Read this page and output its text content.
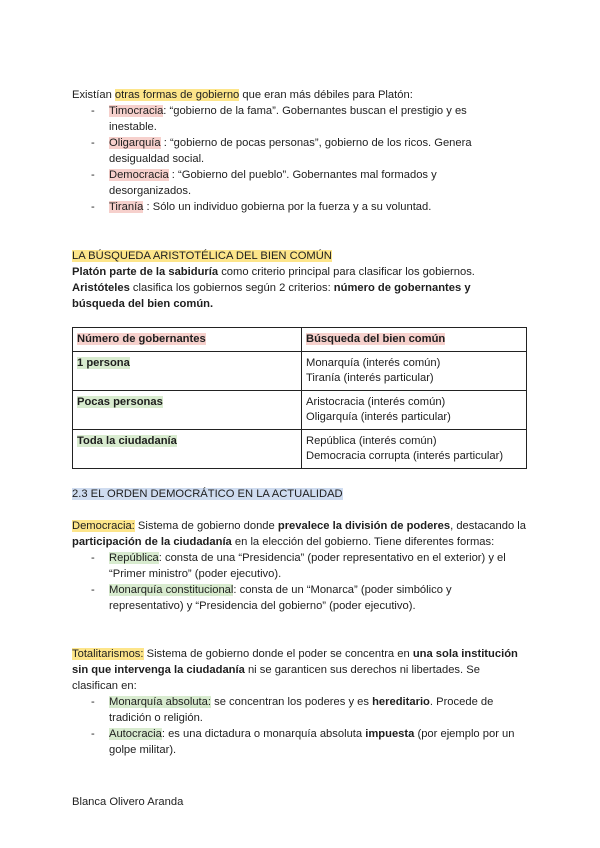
Existían otras formas de gobierno que eran más débiles para Platón:

- Timocracia: “gobierno de la fama”. Gobernantes buscan el prestigio y es inestable.
- Oligarquía : “gobierno de pocas personas”, gobierno de los ricos. Genera desigualdad social.
- Democracia : “Gobierno del pueblo”. Gobernantes mal formados y desorganizados.
- Tiranía : Sólo un individuo gobierna por la fuerza y a su voluntad.

LA BÚSQUEDA ARISTOTÉLICA DEL BIEN COMÚN

Platón parte de la sabiduría como criterio principal para clasificar los gobiernos.

Aristóteles clasifica los gobiernos según 2 criterios: número de gobernantes y búsqueda del bien común.

Número de gobernantes	Búsqueda del bien común
1 persona	Monarquía (interés común)
Tiranía (interés particular)

Pocas personas	Aristocracia (interés común)
Oligarquía (interés particular)

Toda la ciudadanía	República (interés común)
Democracia corrupta (interés particular)

2.3 EL ORDEN DEMOCRÁTICO EN LA ACTUALIDAD

Democracia: Sistema de gobierno donde prevalece la división de poderes, destacando la participación de la ciudadanía en la elección del gobierno. Tiene diferentes formas:

- República: consta de una “Presidencia” (poder representativo en el exterior) y el “Primer ministro” (poder ejecutivo).
- Monarquía constitucional: consta de un “Monarca” (poder simbólico y representativo) y “Presidencia del gobierno” (poder ejecutivo).

Totalitarismos: Sistema de gobierno donde el poder se concentra en una sola institución sin que intervenga la ciudadanía ni se garanticen sus derechos ni libertades. Se clasifican en:

- Monarquía absoluta: se concentran los poderes y es hereditario. Procede de tradición o religión.
- Autocracia: es una dictadura o monarquía absoluta impuesta (por ejemplo por un golpe militar).
Blanca Olivero Aranda
